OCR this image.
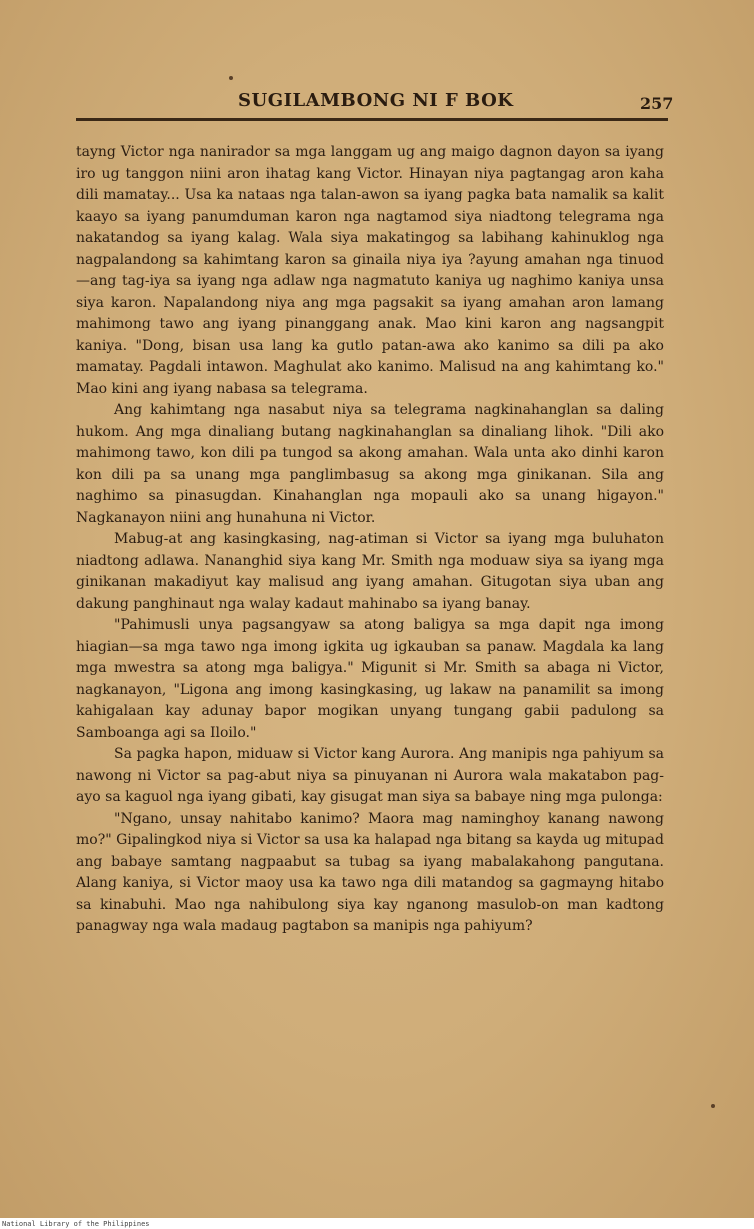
SUGILAMBONG NI F BOK	257

tayng Victor nga nanirador sa mga langgam ug ang maigo dagnon dayon sa iyang iro ug tanggon niini aron ihatag kang Victor. Hinayan niya pagtangag aron kaha dili mamatay... Usa ka nataas nga talan-awon sa iyang pagka bata namalik sa kalit kaayo sa iyang panumduman karon nga nagtamod siya niadtong telegrama nga nakatandog sa iyang kalag. Wala siya makatingog sa labihang kahinuklog nga nagpalandong sa kahimtang karon sa ginaila niya iya ?ayung amahan nga tinuod—ang tag-iya sa iyang nga adlaw nga nagmatuto kaniya ug naghimo kaniya unsa siya karon. Napalandong niya ang mga pagsakit sa iyang amahan aron lamang mahimong tawo ang iyang pinanggang anak. Mao kini karon ang nagsangpit kaniya. "Dong, bisan usa lang ka gutlo patan-awa ako kanimo sa dili pa ako mamatay. Pagdali intawon. Maghulat ako kanimo. Malisud na ang kahimtang ko." Mao kini ang iyang nabasa sa telegrama.

Ang kahimtang nga nasabut niya sa telegrama nagkinahanglan sa daling hukom. Ang mga dinaliang butang nagkinahanglan sa dinaliang lihok. "Dili ako mahimong tawo, kon dili pa tungod sa akong amahan. Wala unta ako dinhi karon kon dili pa sa unang mga panglimbasug sa akong mga ginikanan. Sila ang naghimo sa pinasugdan. Kinahanglan nga mopauli ako sa unang higayon." Nagkanayon niini ang hunahuna ni Victor.

Mabug-at ang kasingkasing, nag-atiman si Victor sa iyang mga buluhaton niadtong adlawa. Nananghid siya kang Mr. Smith nga moduaw siya sa iyang mga ginikanan makadiyut kay malisud ang iyang amahan. Gitugotan siya uban ang dakung panghinaut nga walay kadaut mahinabo sa iyang banay.

"Pahimusli unya pagsangyaw sa atong baligya sa mga dapit nga imong hiagian—sa mga tawo nga imong igkita ug igkauban sa panaw. Magdala ka lang mga mwestra sa atong mga baligya." Migunit si Mr. Smith sa abaga ni Victor, nagkanayon, "Ligona ang imong kasingkasing, ug lakaw na panamilit sa imong kahigalaan kay adunay bapor mogikan unyang tungang gabii padulong sa Samboanga agi sa Iloilo."

Sa pagka hapon, miduaw si Victor kang Aurora. Ang manipis nga pahiyum sa nawong ni Victor sa pag-abut niya sa pinuyanan ni Aurora wala makatabon pag-ayo sa kaguol nga iyang gibati, kay gisugat man siya sa babaye ning mga pulonga:

"Ngano, unsay nahitabo kanimo? Maora mag naminghoy kanang nawong mo?" Gipalingkod niya si Victor sa usa ka halapad nga bitang sa kayda ug mitupad ang babaye samtang nagpaabut sa tubag sa iyang mabalakahong pangutana. Alang kaniya, si Victor maoy usa ka tawo nga dili matandog sa gagmayng hitabo sa kinabuhi. Mao nga nahibulong siya kay nganong masulob-on man kadtong panagway nga wala madaug pagtabon sa manipis nga pahiyum?

National Library of the Philippines
